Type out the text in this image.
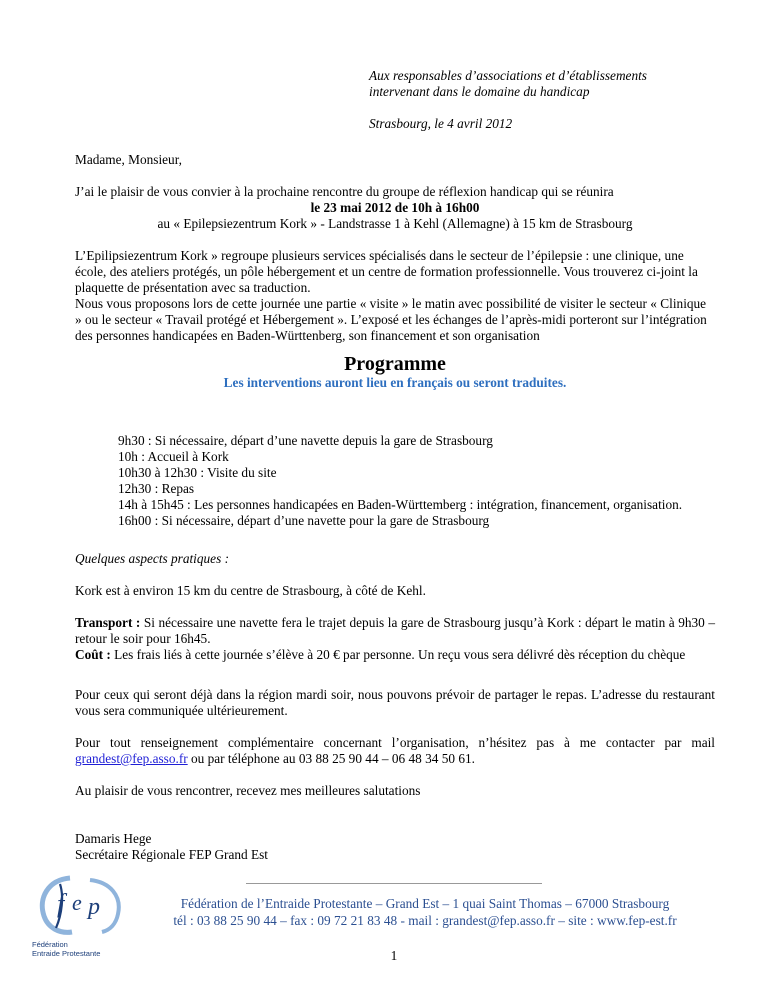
Aux responsables d’associations et d’établissements

intervenant dans le domaine du handicap

Strasbourg, le 4 avril 2012

Madame, Monsieur,

J’ai le plaisir de vous convier à la prochaine rencontre du groupe de réflexion handicap qui se réunira

le 23 mai 2012 de 10h à 16h00

au « Epilepsiezentrum Kork » - Landstrasse 1 à Kehl (Allemagne) à 15 km de Strasbourg

L’Epilipsiezentrum Kork » regroupe plusieurs services spécialisés dans le secteur de l’épilepsie : une clinique, une école, des ateliers protégés, un pôle hébergement et un centre de formation professionnelle. Vous trouverez ci-joint la plaquette de présentation avec sa traduction.

Nous vous proposons lors de cette journée une partie « visite » le matin avec possibilité de visiter le secteur « Clinique » ou le secteur « Travail protégé et Hébergement ». L’exposé et les échanges de l’après-midi porteront sur l’intégration des personnes handicapées en Baden-Württenberg, son financement et son organisation

Programme

Les interventions auront lieu en français ou seront traduites.

9h30 : Si nécessaire, départ d’une navette depuis la gare de Strasbourg

10h : Accueil à Kork

10h30 à 12h30 : Visite du site

12h30 : Repas

14h à 15h45 : Les personnes handicapées en Baden-Württemberg : intégration, financement, organisation.

16h00 : Si nécessaire, départ d’une navette pour la gare de Strasbourg

Quelques aspects pratiques :

Kork est à environ 15 km du centre de Strasbourg, à côté de Kehl.

Transport : Si nécessaire une navette fera le trajet depuis la gare de Strasbourg jusqu’à Kork : départ le matin à 9h30 – retour le soir pour 16h45.

Coût : Les frais liés à cette journée s’élève à 20 € par personne. Un reçu vous sera délivré dès réception du chèque

Pour ceux qui seront déjà dans la région mardi soir, nous pouvons prévoir de partager le repas. L’adresse du restaurant vous sera communiquée ultérieurement.

Pour tout renseignement complémentaire concernant l’organisation, n’hésitez pas à me contacter par mail grandest@fep.asso.fr ou par téléphone au 03 88 25 90 44 – 06 48 34 50 61.

Au plaisir de vous rencontrer, recevez mes meilleures salutations

Damaris Hege

Secrétaire Régionale FEP Grand Est

f e p
Fédération
Entraide Protestante

Fédération de l’Entraide Protestante – Grand Est – 1 quai Saint Thomas – 67000 Strasbourg

tél : 03 88 25 90 44 – fax : 09 72 21 83 48 - mail : grandest@fep.asso.fr – site : www.fep-est.fr

1
